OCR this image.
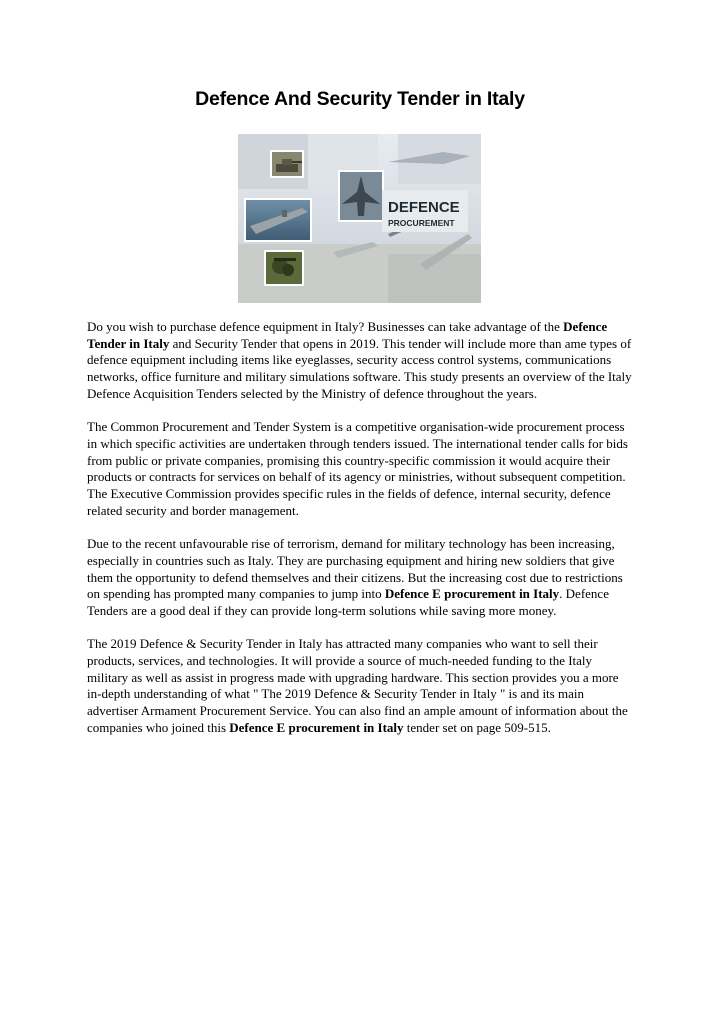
Defence And Security Tender in Italy
DEFENCE
PROCUREMENT

Do you wish to purchase defence equipment in Italy? Businesses can take advantage of the Defence Tender in Italy and Security Tender that opens in 2019. This tender will include more than ame types of defence equipment including items like eyeglasses, security access control systems, communications networks, office furniture and military simulations software. This study presents an overview of the Italy Defence Acquisition Tenders selected by the Ministry of defence throughout the years.

The Common Procurement and Tender System is a competitive organisation-wide procurement process in which specific activities are undertaken through tenders issued. The international tender calls for bids from public or private companies, promising this country-specific commission it would acquire their products or contracts for services on behalf of its agency or ministries, without subsequent competition. The Executive Commission provides specific rules in the fields of defence, internal security, defence related security and border management.

Due to the recent unfavourable rise of terrorism, demand for military technology has been increasing, especially in countries such as Italy. They are purchasing equipment and hiring new soldiers that give them the opportunity to defend themselves and their citizens. But the increasing cost due to restrictions on spending has prompted many companies to jump into Defence E procurement in Italy. Defence Tenders are a good deal if they can provide long-term solutions while saving more money.

The 2019 Defence & Security Tender in Italy has attracted many companies who want to sell their products, services, and technologies. It will provide a source of much-needed funding to the Italy military as well as assist in progress made with upgrading hardware. This section provides you a more in-depth understanding of what " The 2019 Defence & Security Tender in Italy " is and its main advertiser Armament Procurement Service. You can also find an ample amount of information about the companies who joined this Defence E procurement in Italy tender set on page 509-515.
